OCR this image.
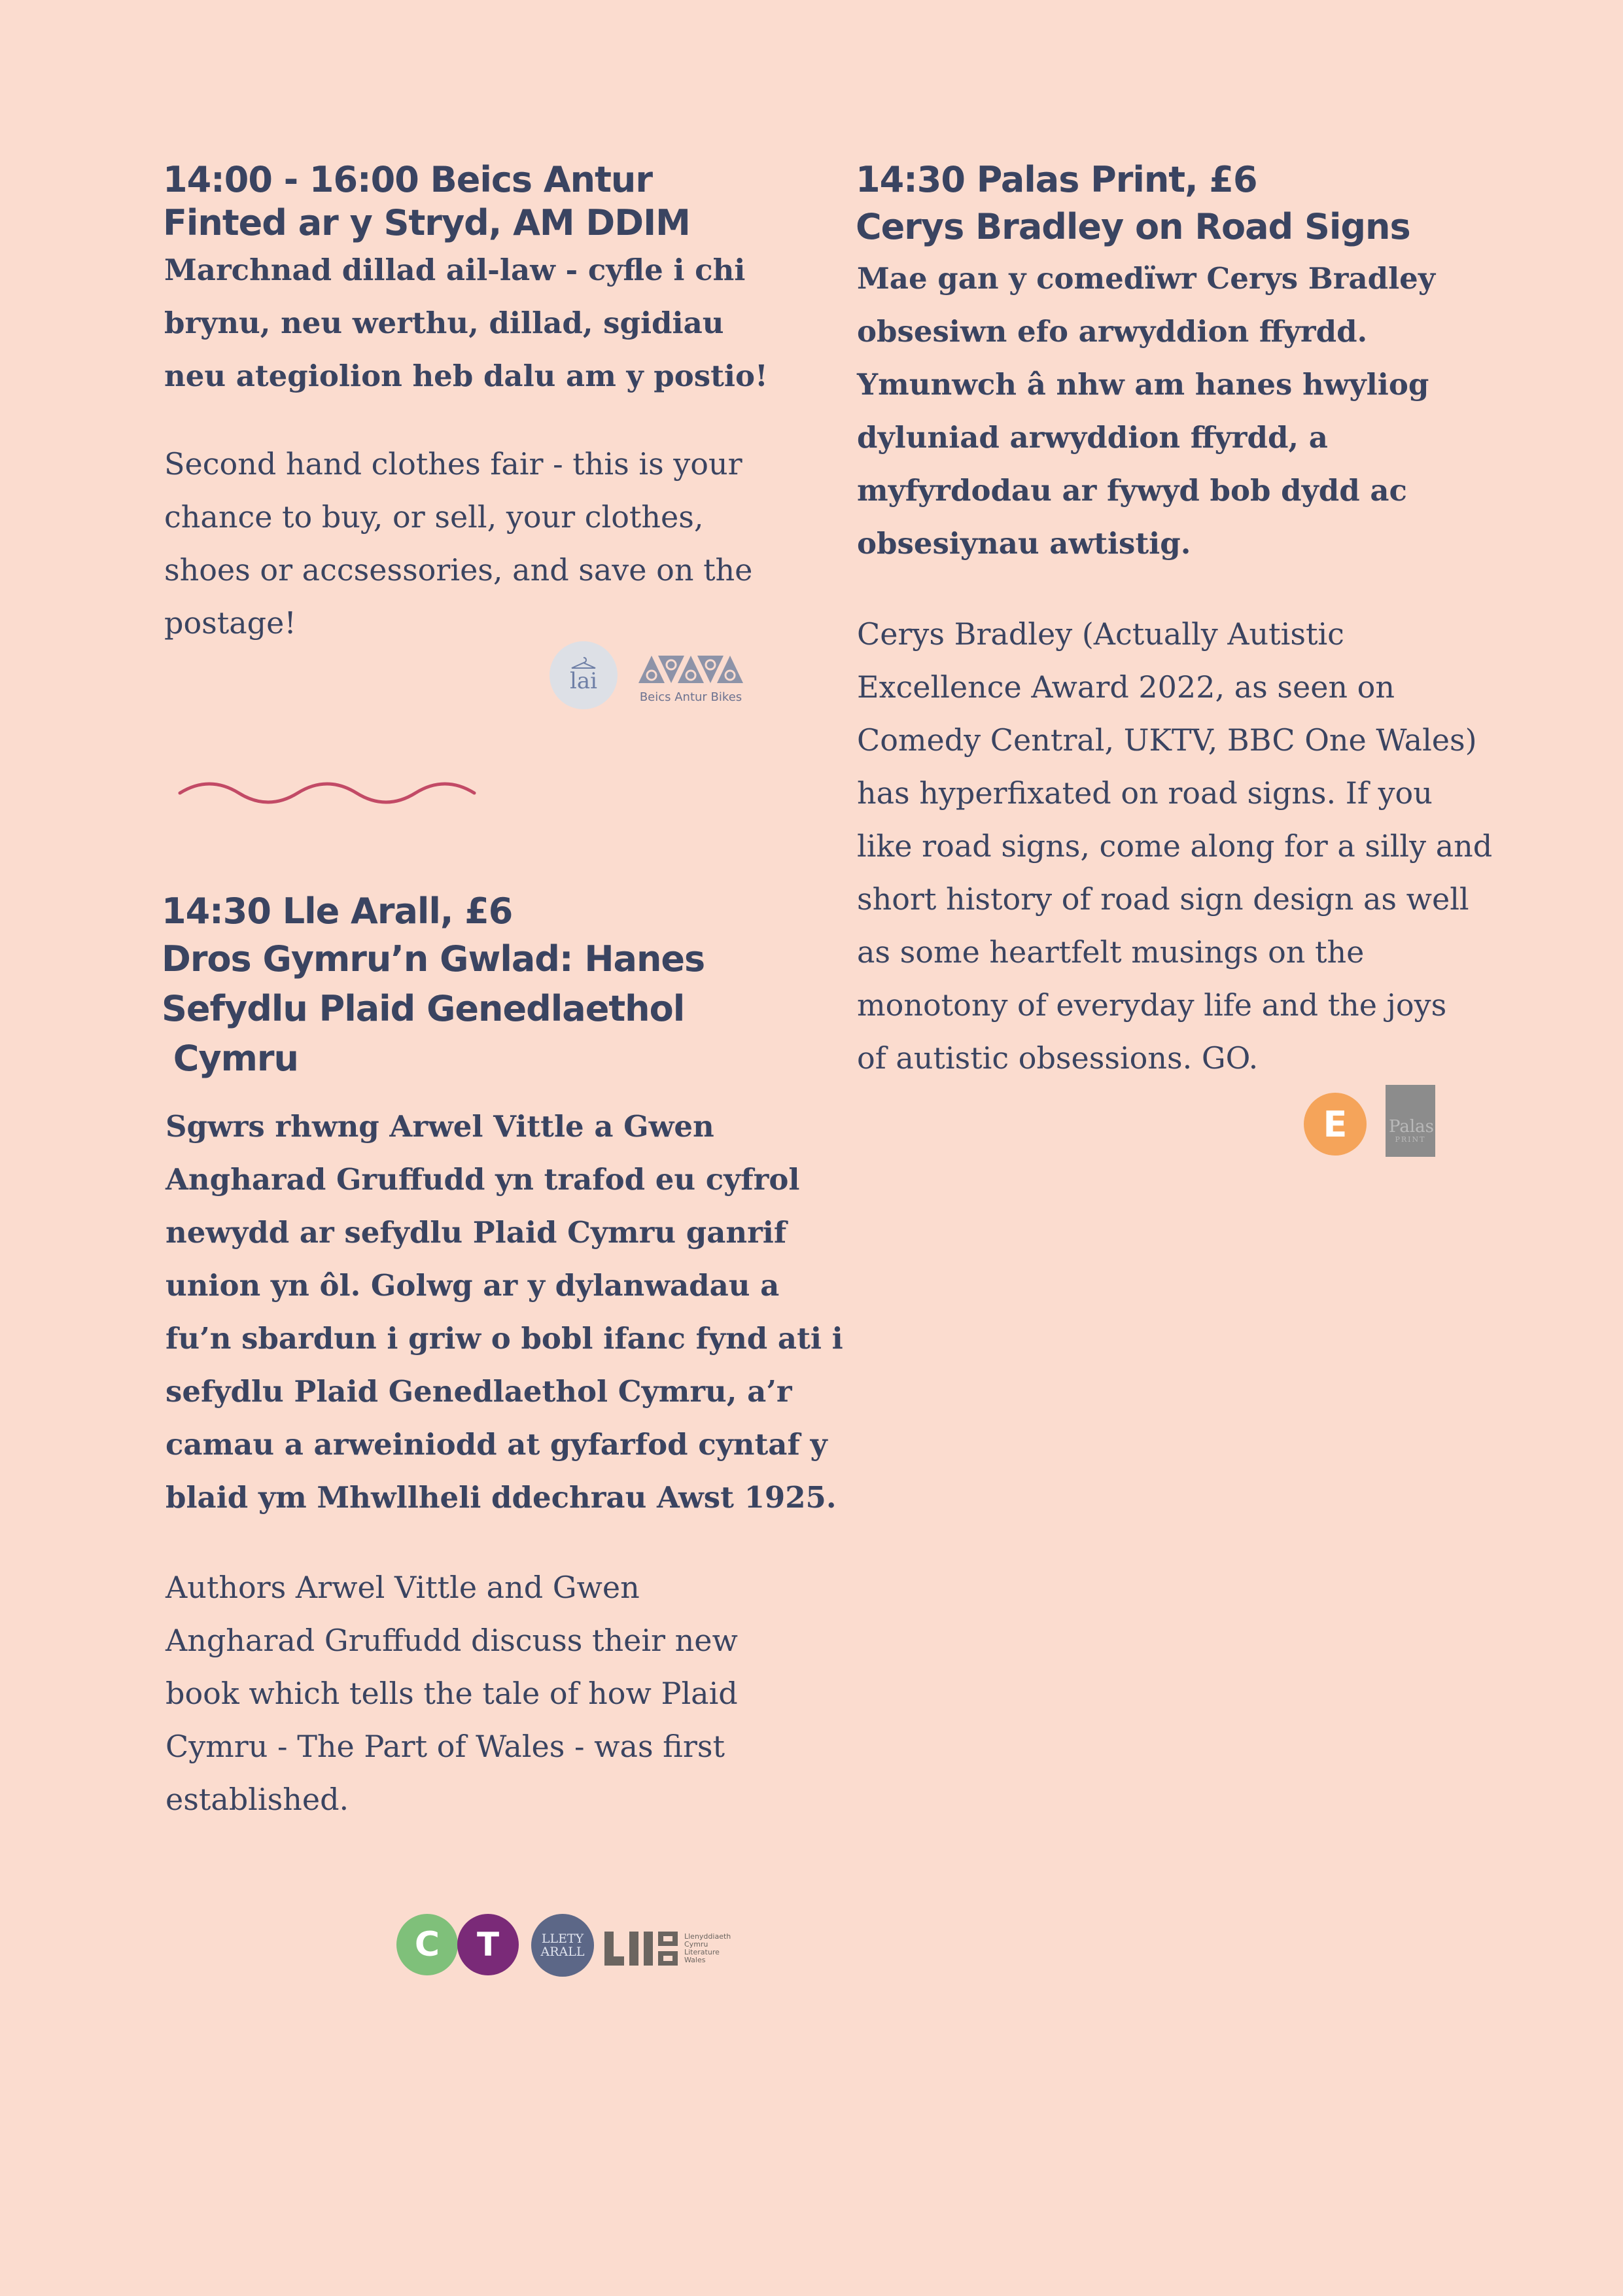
14:00 - 16:00 Beics Antur
Finted ar y Stryd, AM DDIM

Marchnad dillad ail-law - cyfle i chi
brynu, neu werthu, dillad, sgidiau
neu ategiolion heb dalu am y postio!

Second hand clothes fair - this is your
chance to buy, or sell, your clothes,
shoes or accsessories, and save on the
postage!

lai
Beics Antur Bikes
14:30 Lle Arall, £6
Dros Gymru’n Gwlad: Hanes
Sefydlu Plaid Genedlaethol
Cymru

Sgwrs rhwng Arwel Vittle a Gwen
Angharad Gruffudd yn trafod eu cyfrol
newydd ar sefydlu Plaid Cymru ganrif
union yn ôl. Golwg ar y dylanwadau a
fu’n sbardun i griw o bobl ifanc fynd ati i
sefydlu Plaid Genedlaethol Cymru, a’r
camau a arweiniodd at gyfarfod cyntaf y
blaid ym Mhwllheli ddechrau Awst 1925.

Authors Arwel Vittle and Gwen
Angharad Gruffudd discuss their new
book which tells the tale of how Plaid
Cymru - The Part of Wales - was first
established.

C T	LLETY
ARALL
Llenyddiaeth
Cymru
Literature
Wales
14:30 Palas Print, £6
Cerys Bradley on Road Signs

Mae gan y comedïwr Cerys Bradley
obsesiwn efo arwyddion ffyrdd.
Ymunwch â nhw am hanes hwyliog
dyluniad arwyddion ffyrdd, a
myfyrdodau ar fywyd bob dydd ac
obsesiynau awtistig.

Cerys Bradley (Actually Autistic
Excellence Award 2022, as seen on
Comedy Central, UKTV, BBC One Wales)
has hyperfixated on road signs. If you
like road signs, come along for a silly and
short history of road sign design as well
as some heartfelt musings on the
monotony of everyday life and the joys
of autistic obsessions. GO.

E Palas
PRINT
